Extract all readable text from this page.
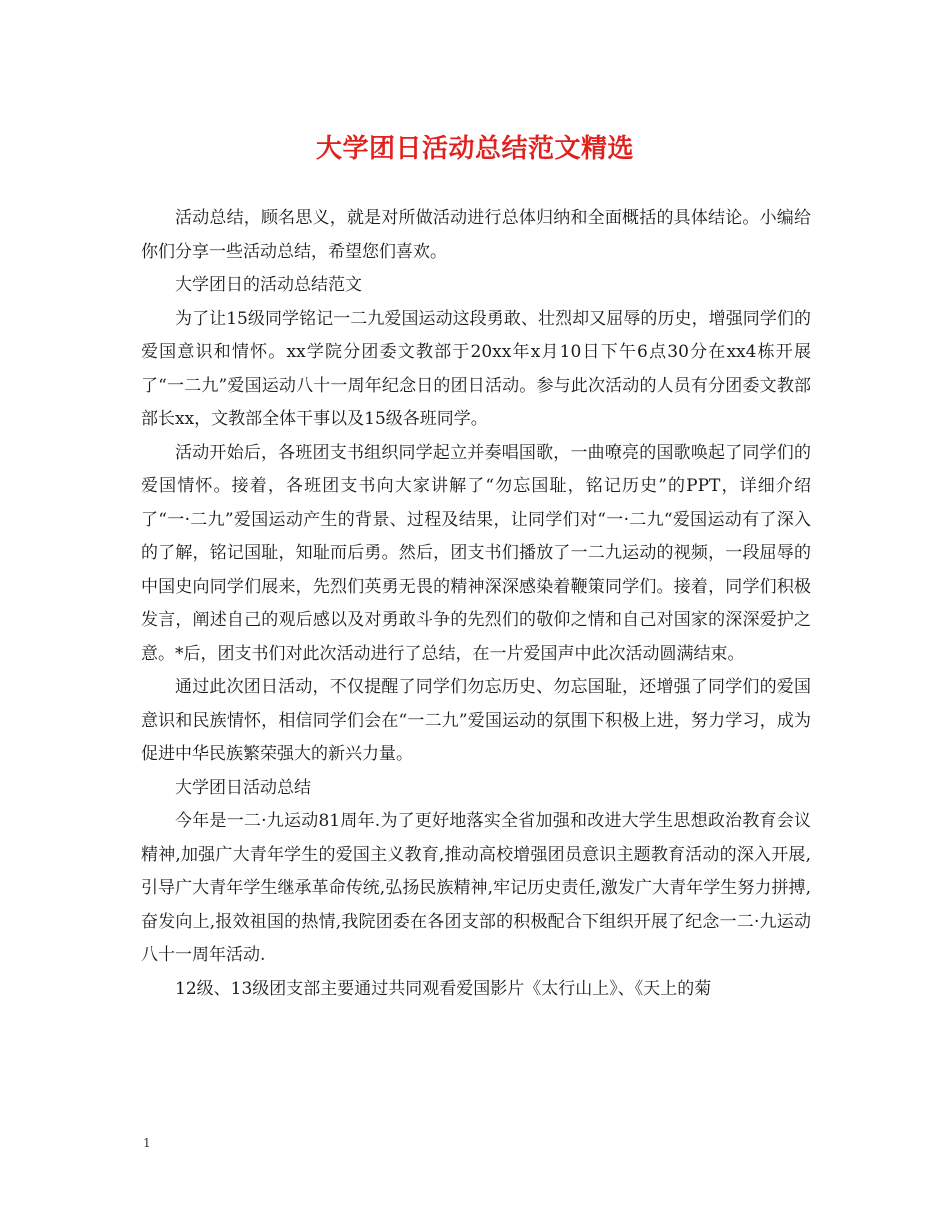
大学团日活动总结范文精选

活动总结，顾名思义，就是对所做活动进行总体归纳和全面概括的具体结论。小编给你们分享一些活动总结，希望您们喜欢。

大学团日的活动总结范文

为了让15级同学铭记一二九爱国运动这段勇敢、壮烈却又屈辱的历史，增强同学们的爱国意识和情怀。xx学院分团委文教部于20xx年x月10日下午6点30分在xx4栋开展了“一二九”爱国运动八十一周年纪念日的团日活动。参与此次活动的人员有分团委文教部部长xx，文教部全体干事以及15级各班同学。

活动开始后，各班团支书组织同学起立并奏唱国歌，一曲嘹亮的国歌唤起了同学们的爱国情怀。接着，各班团支书向大家讲解了“勿忘国耻，铭记历史”的PPT，详细介绍了“一·二九”爱国运动产生的背景、过程及结果，让同学们对“一·二九“爱国运动有了深入的了解，铭记国耻，知耻而后勇。然后，团支书们播放了一二九运动的视频，一段屈辱的中国史向同学们展来，先烈们英勇无畏的精神深深感染着鞭策同学们。接着，同学们积极发言，阐述自己的观后感以及对勇敢斗争的先烈们的敬仰之情和自己对国家的深深爱护之意。*后，团支书们对此次活动进行了总结，在一片爱国声中此次活动圆满结束。

通过此次团日活动，不仅提醒了同学们勿忘历史、勿忘国耻，还增强了同学们的爱国意识和民族情怀，相信同学们会在“一二九”爱国运动的氛围下积极上进，努力学习，成为促进中华民族繁荣强大的新兴力量。

大学团日活动总结

今年是一二·九运动81周年.为了更好地落实全省加强和改进大学生思想政治教育会议精神,加强广大青年学生的爱国主义教育,推动高校增强团员意识主题教育活动的深入开展,引导广大青年学生继承革命传统,弘扬民族精神,牢记历史责任,激发广大青年学生努力拼搏,奋发向上,报效祖国的热情,我院团委在各团支部的积极配合下组织开展了纪念一二·九运动八十一周年活动.

12级、13级团支部主要通过共同观看爱国影片《太行山上》、《天上的菊

1
